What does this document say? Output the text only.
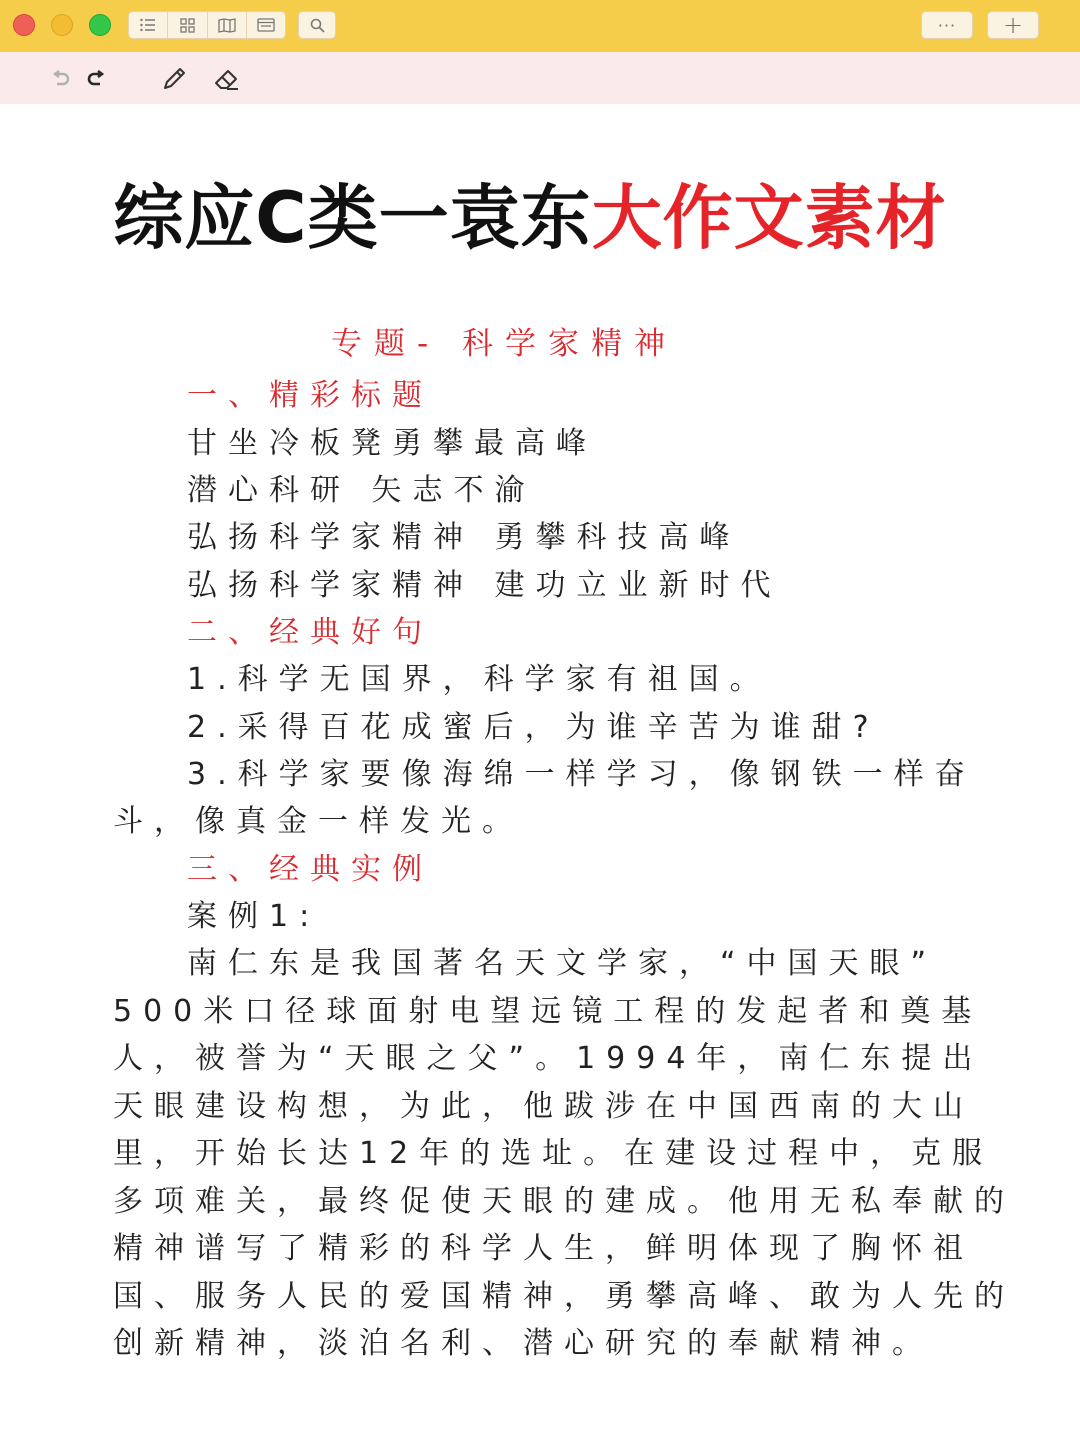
··· +
综应C类一袁东大作文素材
专题- 科学家精神
一、精彩标题
甘坐冷板凳勇攀最高峰
潜心科研 矢志不渝
弘扬科学家精神 勇攀科技高峰
弘扬科学家精神 建功立业新时代
二、经典好句
1.科学无国界，科学家有祖国。
2.采得百花成蜜后，为谁辛苦为谁甜?
3.科学家要像海绵一样学习，像钢铁一样奋
斗，像真金一样发光。
三、经典实例
案例1:
南仁东是我国著名天文学家，“中国天眼”
500米口径球面射电望远镜工程的发起者和奠基
人，被誉为“天眼之父”。1994年，南仁东提出
天眼建设构想，为此，他跋涉在中国西南的大山
里，开始长达12年的选址。在建设过程中，克服
多项难关，最终促使天眼的建成。他用无私奉献的
精神谱写了精彩的科学人生，鲜明体现了胸怀祖
国、服务人民的爱国精神，勇攀高峰、敢为人先的
创新精神，淡泊名利、潜心研究的奉献精神。
